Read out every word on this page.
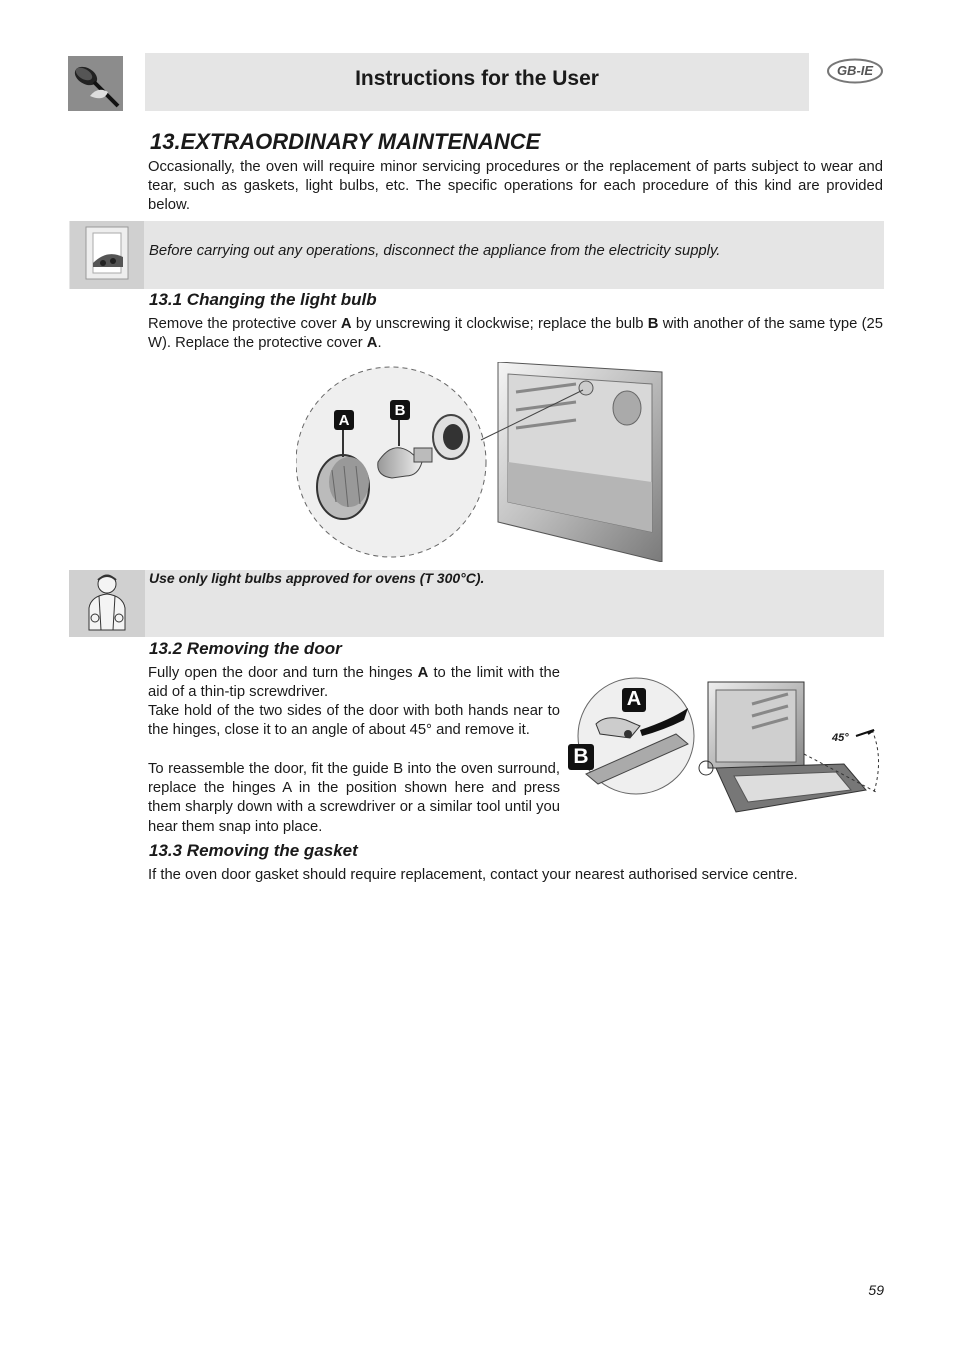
Instructions for the User	GB-IE
13.EXTRAORDINARY MAINTENANCE
Occasionally, the oven will require minor servicing procedures or the replacement of parts subject to wear and tear, such as gaskets, light bulbs, etc. The specific operations for each procedure of this kind are provided below.
Before carrying out any operations, disconnect the appliance from the electricity supply.
13.1 Changing the light bulb
Remove the protective cover A by unscrewing it clockwise; replace the bulb B with another of the same type (25 W). Replace the protective cover A.
A
B
Use only light bulbs approved for ovens (T 300°C).
13.2 Removing the door
Fully open the door and turn the hinges A to the limit with the aid of a thin-tip screwdriver.
Take hold of the two sides of the door with both hands near to the hinges, close it to an angle of about 45° and remove it.
To reassemble the door, fit the guide B into the oven surround, replace the hinges A in the position shown here and press them sharply down with a screwdriver or a similar tool until you hear them snap into place.
A
B
45°
13.3 Removing the gasket
If the oven door gasket should require replacement, contact your nearest authorised service centre.
59
